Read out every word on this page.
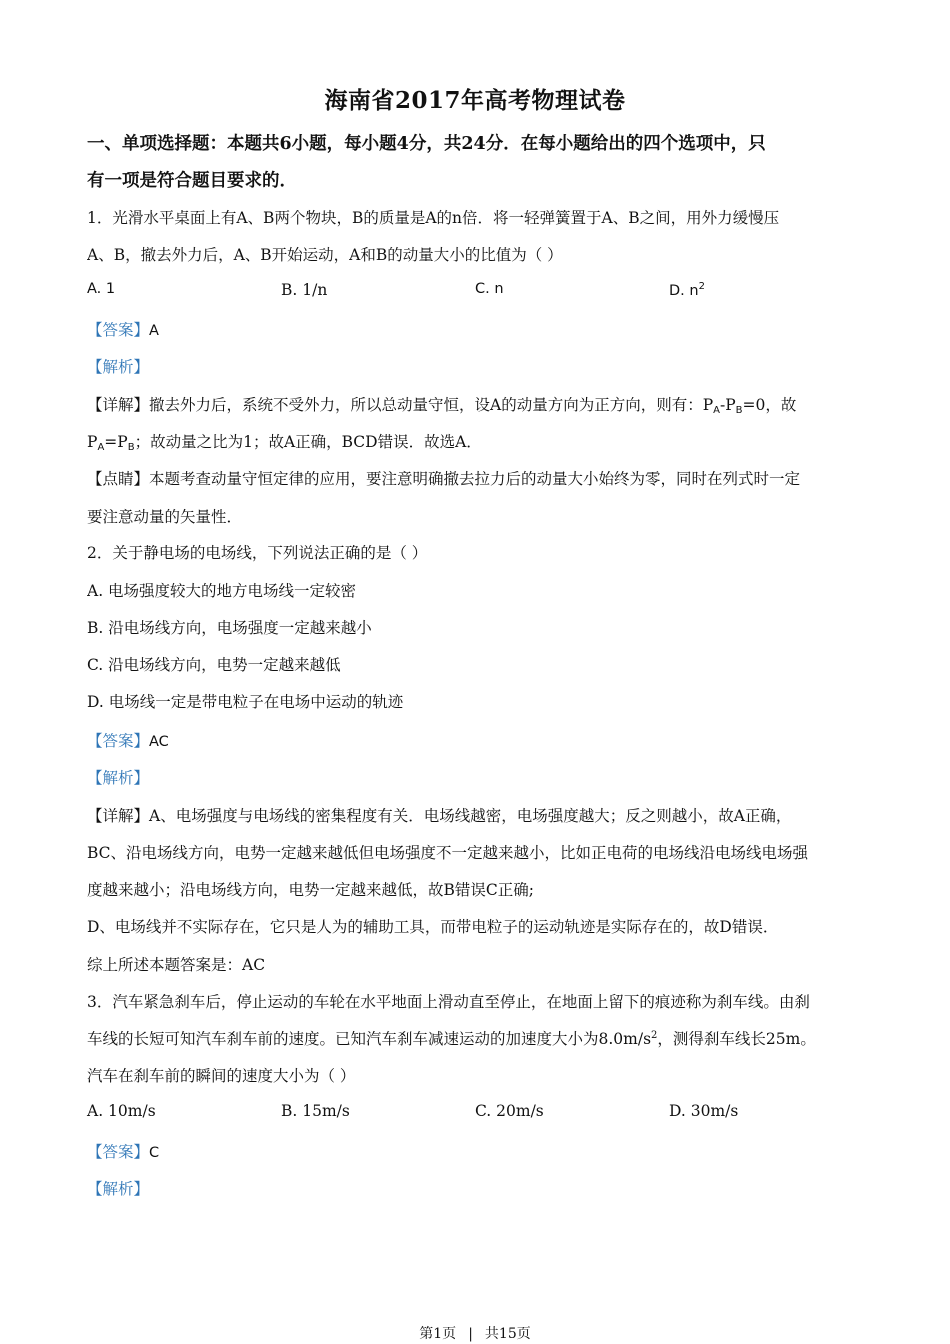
海南省2017年高考物理试卷
一、单项选择题：本题共6小题，每小题4分，共24分．在每小题给出的四个选项中，只
有一项是符合题目要求的．
1．光滑水平桌面上有A、B两个物块，B的质量是A的n倍．将一轻弹簧置于A、B之间，用外力缓慢压
A、B，撤去外力后，A、B开始运动，A和B的动量大小的比值为（ ）
A. 1	B. 1/n	C. n	D. $n^2$
【答案】A
【解析】
【详解】撤去外力后，系统不受外力，所以总动量守恒，设A的动量方向为正方向，则有：$P_A-P_B=0$，故
$P_A=P_B$；故动量之比为1；故A正确，BCD错误．故选A．
【点睛】本题考查动量守恒定律的应用，要注意明确撤去拉力后的动量大小始终为零，同时在列式时一定
要注意动量的矢量性．
2．关于静电场的电场线，下列说法正确的是（ ）
A. 电场强度较大的地方电场线一定较密
B. 沿电场线方向，电场强度一定越来越小
C. 沿电场线方向，电势一定越来越低
D. 电场线一定是带电粒子在电场中运动的轨迹
【答案】AC
【解析】
【详解】A、电场强度与电场线的密集程度有关．电场线越密，电场强度越大；反之则越小，故A正确，
BC、沿电场线方向，电势一定越来越低但电场强度不一定越来越小，比如正电荷的电场线沿电场线电场强
度越来越小；沿电场线方向，电势一定越来越低，故B错误C正确;
D、电场线并不实际存在，它只是人为的辅助工具，而带电粒子的运动轨迹是实际存在的，故D错误．
综上所述本题答案是：AC
3．汽车紧急刹车后，停止运动的车轮在水平地面上滑动直至停止，在地面上留下的痕迹称为刹车线。由刹
车线的长短可知汽车刹车前的速度。已知汽车刹车减速运动的加速度大小为$8.0m/s^2$，测得刹车线长25m。
汽车在刹车前的瞬间的速度大小为（ ）
A. 10m/s	B. 15m/s	C. 20m/s	D. 30m/s
【答案】C
【解析】
第1页 | 共15页
